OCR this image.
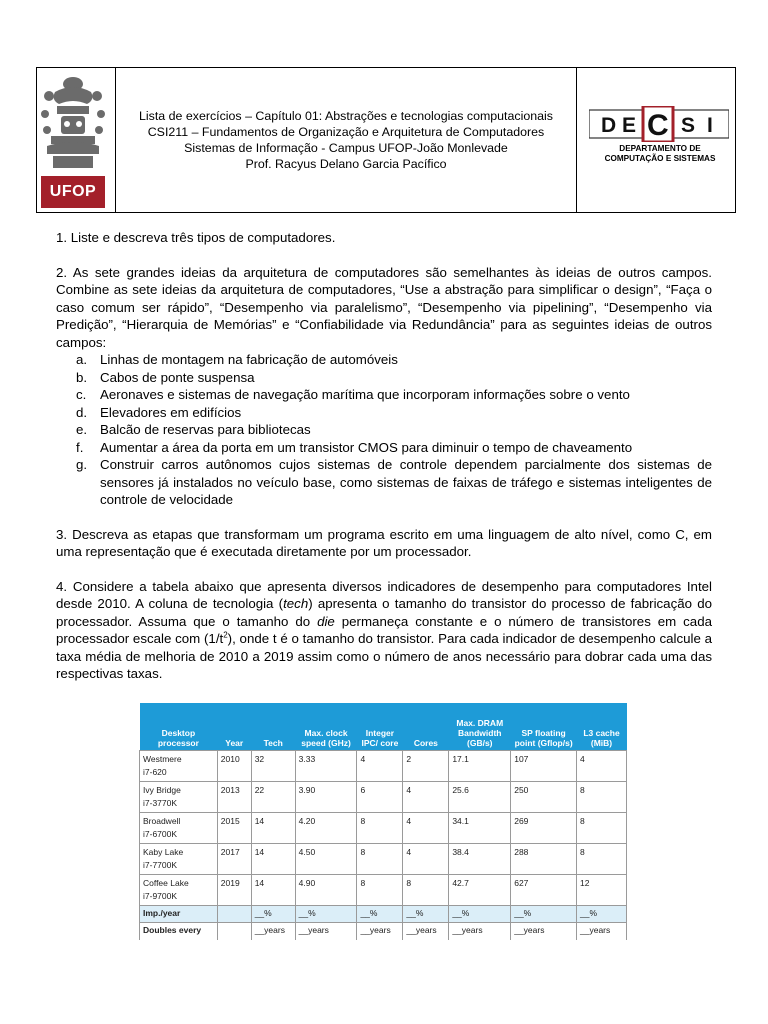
UFOP
Lista de exercícios – Capítulo 01: Abstrações e tecnologias computacionais
CSI211 – Fundamentos de Organização e Arquitetura de Computadores
Sistemas de Informação - Campus UFOP-João Monlevade
Prof. Racyus Delano Garcia Pacífico
D E C S I
DEPARTAMENTO DE
COMPUTAÇÃO E SISTEMAS

1. Liste e descreva três tipos de computadores.

2. As sete grandes ideias da arquitetura de computadores são semelhantes às ideias de outros campos. Combine as sete ideias da arquitetura de computadores, “Use a abstração para simplificar o design”, “Faça o caso comum ser rápido”, “Desempenho via paralelismo”, “Desempenho via pipelining”, “Desempenho via Predição”, “Hierarquia de Memórias” e “Confiabilidade via Redundância” para as seguintes ideias de outros campos:

a. Linhas de montagem na fabricação de automóveis
b. Cabos de ponte suspensa
c.	Aeronaves e sistemas de navegação marítima que incorporam informações sobre o vento
d. Elevadores em edifícios
e. Balcão de reservas para bibliotecas
f.	Aumentar a área da porta em um transistor CMOS para diminuir o tempo de chaveamento
g. Construir carros autônomos cujos sistemas de controle dependem parcialmente dos sistemas de sensores já instalados no veículo base, como sistemas de faixas de tráfego e sistemas inteligentes de controle de velocidade

3. Descreva as etapas que transformam um programa escrito em uma linguagem de alto nível, como C, em uma representação que é executada diretamente por um processador.

4. Considere a tabela abaixo que apresenta diversos indicadores de desempenho para computadores Intel desde 2010. A coluna de tecnologia (tech) apresenta o tamanho do transistor do processo de fabricação do processador. Assuma que o tamanho do die permaneça constante e o número de transistores em cada processador escale com $(1/t^2)$, onde t é o tamanho do transistor. Para cada indicador de desempenho calcule a taxa média de melhoria de 2010 a 2019 assim como o número de anos necessário para dobrar cada uma das respectivas taxas.

Desktop processor	Year	Tech	Max. clock speed (GHz)	Integer IPC/ core	Cores	Max. DRAM Bandwidth (GB/s)	SP floating point (Gflop/s)	L3 cache (MiB)

Westmere
i7-620	2010	32	3.33	4	2	17.1	107	4

Ivy Bridge
i7-3770K	2013	22	3.90	6	4	25.6	250	8

Broadwell
i7-6700K	2015	14	4.20	8	4	34.1	269	8

Kaby Lake
i7-7700K	2017	14	4.50	8	4	38.4	288	8

Coffee Lake
i7-9700K	2019	14	4.90	8	8	42.7	627	12
Imp./year		__%	__%	__%	__%	__%	__%	__%
Doubles every		__years	__years	__years	__years	__years	__years	__years
